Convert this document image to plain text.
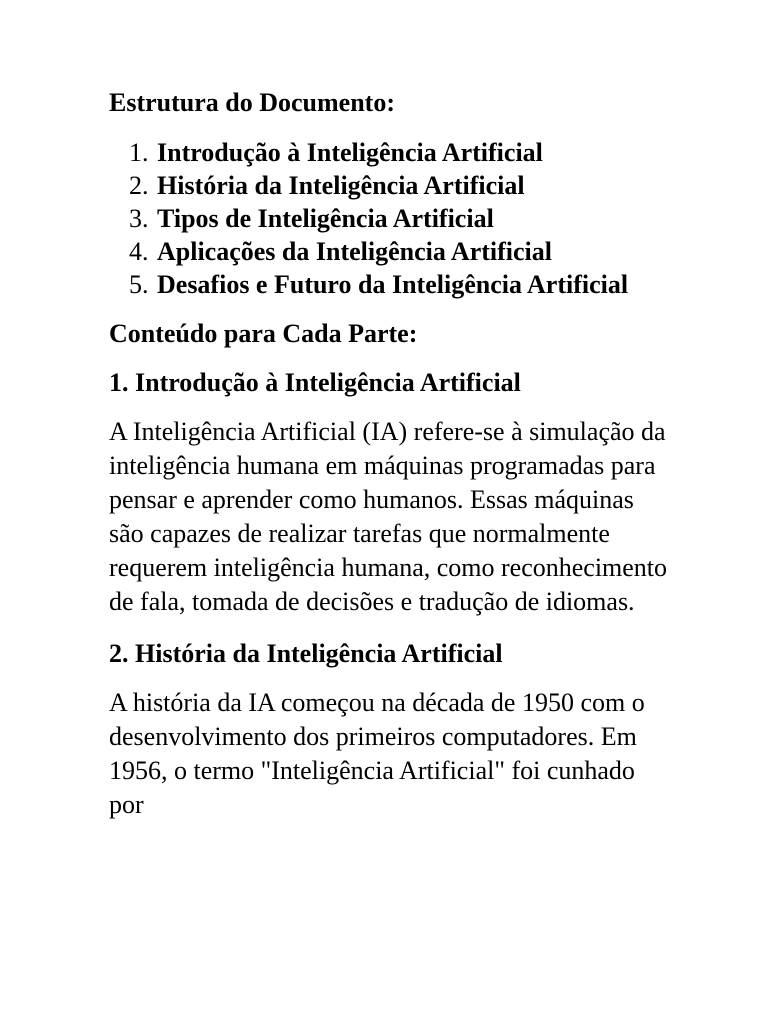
Estrutura do Documento:
1. Introdução à Inteligência Artificial
2. História da Inteligência Artificial
3. Tipos de Inteligência Artificial
4. Aplicações da Inteligência Artificial
5. Desafios e Futuro da Inteligência Artificial
Conteúdo para Cada Parte:
1. Introdução à Inteligência Artificial

A Inteligência Artificial (IA) refere-se à simulação da inteligência humana em máquinas programadas para pensar e aprender como humanos. Essas máquinas são capazes de realizar tarefas que normalmente requerem inteligência humana, como reconhecimento de fala, tomada de decisões e tradução de idiomas.

2. História da Inteligência Artificial

A história da IA começou na década de 1950 com o desenvolvimento dos primeiros computadores. Em 1956, o termo "Inteligência Artificial" foi cunhado por
